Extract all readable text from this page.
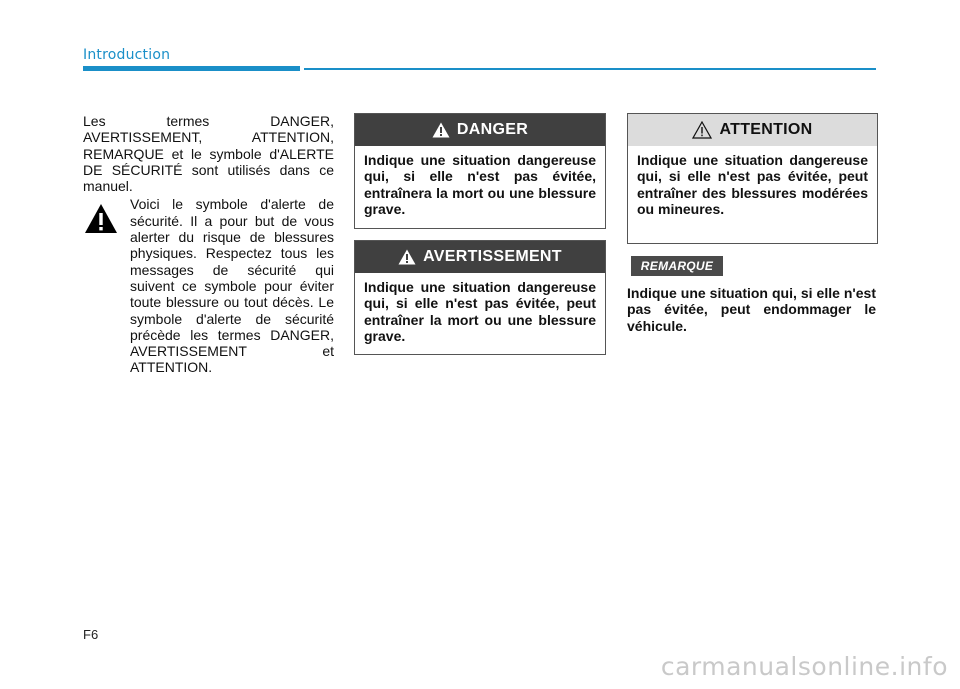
Introduction

Les termes DANGER, AVERTISSEMENT, ATTENTION, REMARQUE et le symbole d'ALERTE DE SÉCURITÉ sont utilisés dans ce manuel.

Voici le symbole d'alerte de sécurité. Il a pour but de vous alerter du risque de blessures physiques. Respectez tous les messages de sécurité qui suivent ce symbole pour éviter toute blessure ou tout décès. Le symbole d'alerte de sécurité précède les termes DANGER, AVERTISSEMENT et ATTENTION.

DANGER

Indique une situation dangereuse qui, si elle n'est pas évitée, entraînera la mort ou une blessure grave.

AVERTISSEMENT

Indique une situation dangereuse qui, si elle n'est pas évitée, peut entraîner la mort ou une blessure grave.

ATTENTION

Indique une situation dangereuse qui, si elle n'est pas évitée, peut entraîner des blessures modérées ou mineures.

REMARQUE

Indique une situation qui, si elle n'est pas évitée, peut endommager le véhicule.

F6
carmanualsonline.info
